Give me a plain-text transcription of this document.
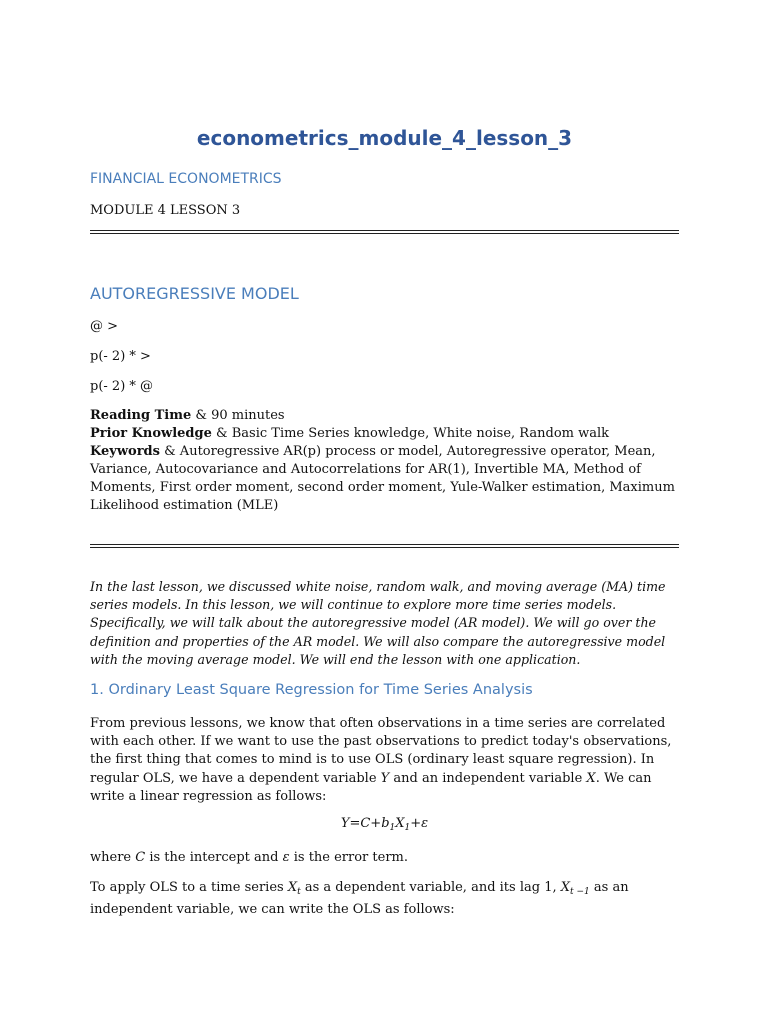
econometrics_module_4_lesson_3
FINANCIAL ECONOMETRICS
MODULE 4 LESSON 3
AUTOREGRESSIVE MODEL
@ >
p(- 2) * >
p(- 2) * @
Reading Time & 90 minutes
Prior Knowledge & Basic Time Series knowledge, White noise, Random walk
Keywords & Autoregressive AR(p) process or model, Autoregressive operator, Mean, Variance, Autocovariance and Autocorrelations for AR(1), Invertible MA, Method of Moments, First order moment, second order moment, Yule-Walker estimation, Maximum Likelihood estimation (MLE)
In the last lesson, we discussed white noise, random walk, and moving average (MA) time series models. In this lesson, we will continue to explore more time series models. Specifically, we will talk about the autoregressive model (AR model). We will go over the definition and properties of the AR model. We will also compare the autoregressive model with the moving average model. We will end the lesson with one application.
1. Ordinary Least Square Regression for Time Series Analysis
From previous lessons, we know that often observations in a time series are correlated with each other. If we want to use the past observations to predict today's observations, the first thing that comes to mind is to use OLS (ordinary least square regression). In regular OLS, we have a dependent variable Y and an independent variable X. We can write a linear regression as follows:
$Y=C+b_1X_1+\varepsilon$
where C is the intercept and ε is the error term.
To apply OLS to a time series $X_t$ as a dependent variable, and its lag 1, $X_{t -1}$ as an independent variable, we can write the OLS as follows:
